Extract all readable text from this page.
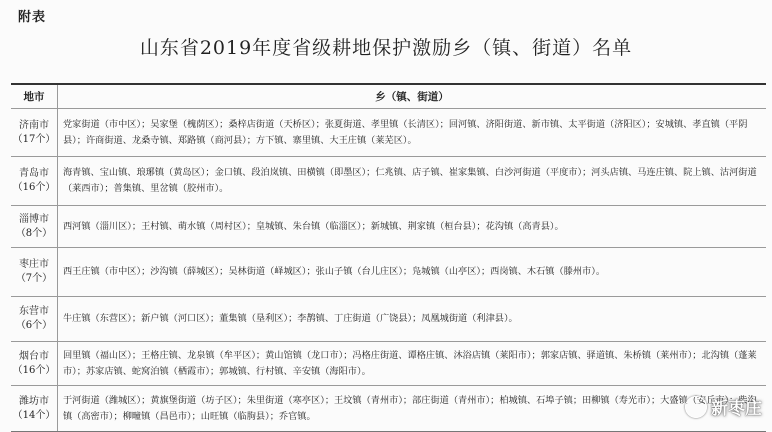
附表
山东省2019年度省级耕地保护激励乡（镇、街道）名单
地市	乡（镇、街道）
济南市
（17个）
党家街道（市中区）；吴家堡（槐荫区）；桑梓店街道（天桥区）；张夏街道、孝里镇（长清区）；回河镇、济阳街道、新市镇、太平街道（济阳区）；安城镇、孝直镇（平阴县）；许商街道、龙桑寺镇、郑路镇（商河县）；方下镇、寨里镇、大王庄镇（莱芜区）。
青岛市
（16个）
海青镇、宝山镇、琅琊镇（黄岛区）；金口镇、段泊岚镇、田横镇（即墨区）；仁兆镇、店子镇、崔家集镇、白沙河街道（平度市）；河头店镇、马连庄镇、院上镇、沽河街道（莱西市）；普集镇、里岔镇（胶州市）。
淄博市
（8个）
西河镇（淄川区）；王村镇、萌水镇（周村区）；皇城镇、朱台镇（临淄区）；新城镇、荆家镇（桓台县）；花沟镇（高青县）。
枣庄市
（7个）
西王庄镇（市中区）；沙沟镇（薛城区）；吴林街道（峄城区）；张山子镇（台儿庄区）；凫城镇（山亭区）；西岗镇、木石镇（滕州市）。
东营市
（6个）
牛庄镇（东营区）；新户镇（河口区）；董集镇（垦利区）；李鹊镇、丁庄街道（广饶县）；凤凰城街道（利津县）。
烟台市
（16个）
回里镇（福山区）；王格庄镇、龙泉镇（牟平区）；黄山馆镇（龙口市）；冯格庄街道、谭格庄镇、沐浴店镇（莱阳市）；郭家店镇、驿道镇、朱桥镇（莱州市）；北沟镇（蓬莱市）；苏家店镇、蛇窝泊镇（栖霞市）；郭城镇、行村镇、辛安镇（海阳市）。
潍坊市
（14个）
于河街道（潍城区）；黄旗堡街道（坊子区）；朱里街道（寒亭区）；王坟镇（青州市）；部庄街道（青州市）；柏城镇、石埠子镇；田柳镇（寿光市）；大盛镇（安丘市）；柴沟镇（高密市）；柳疃镇（昌邑市）；山旺镇（临朐县）；乔官镇。	新枣庄
